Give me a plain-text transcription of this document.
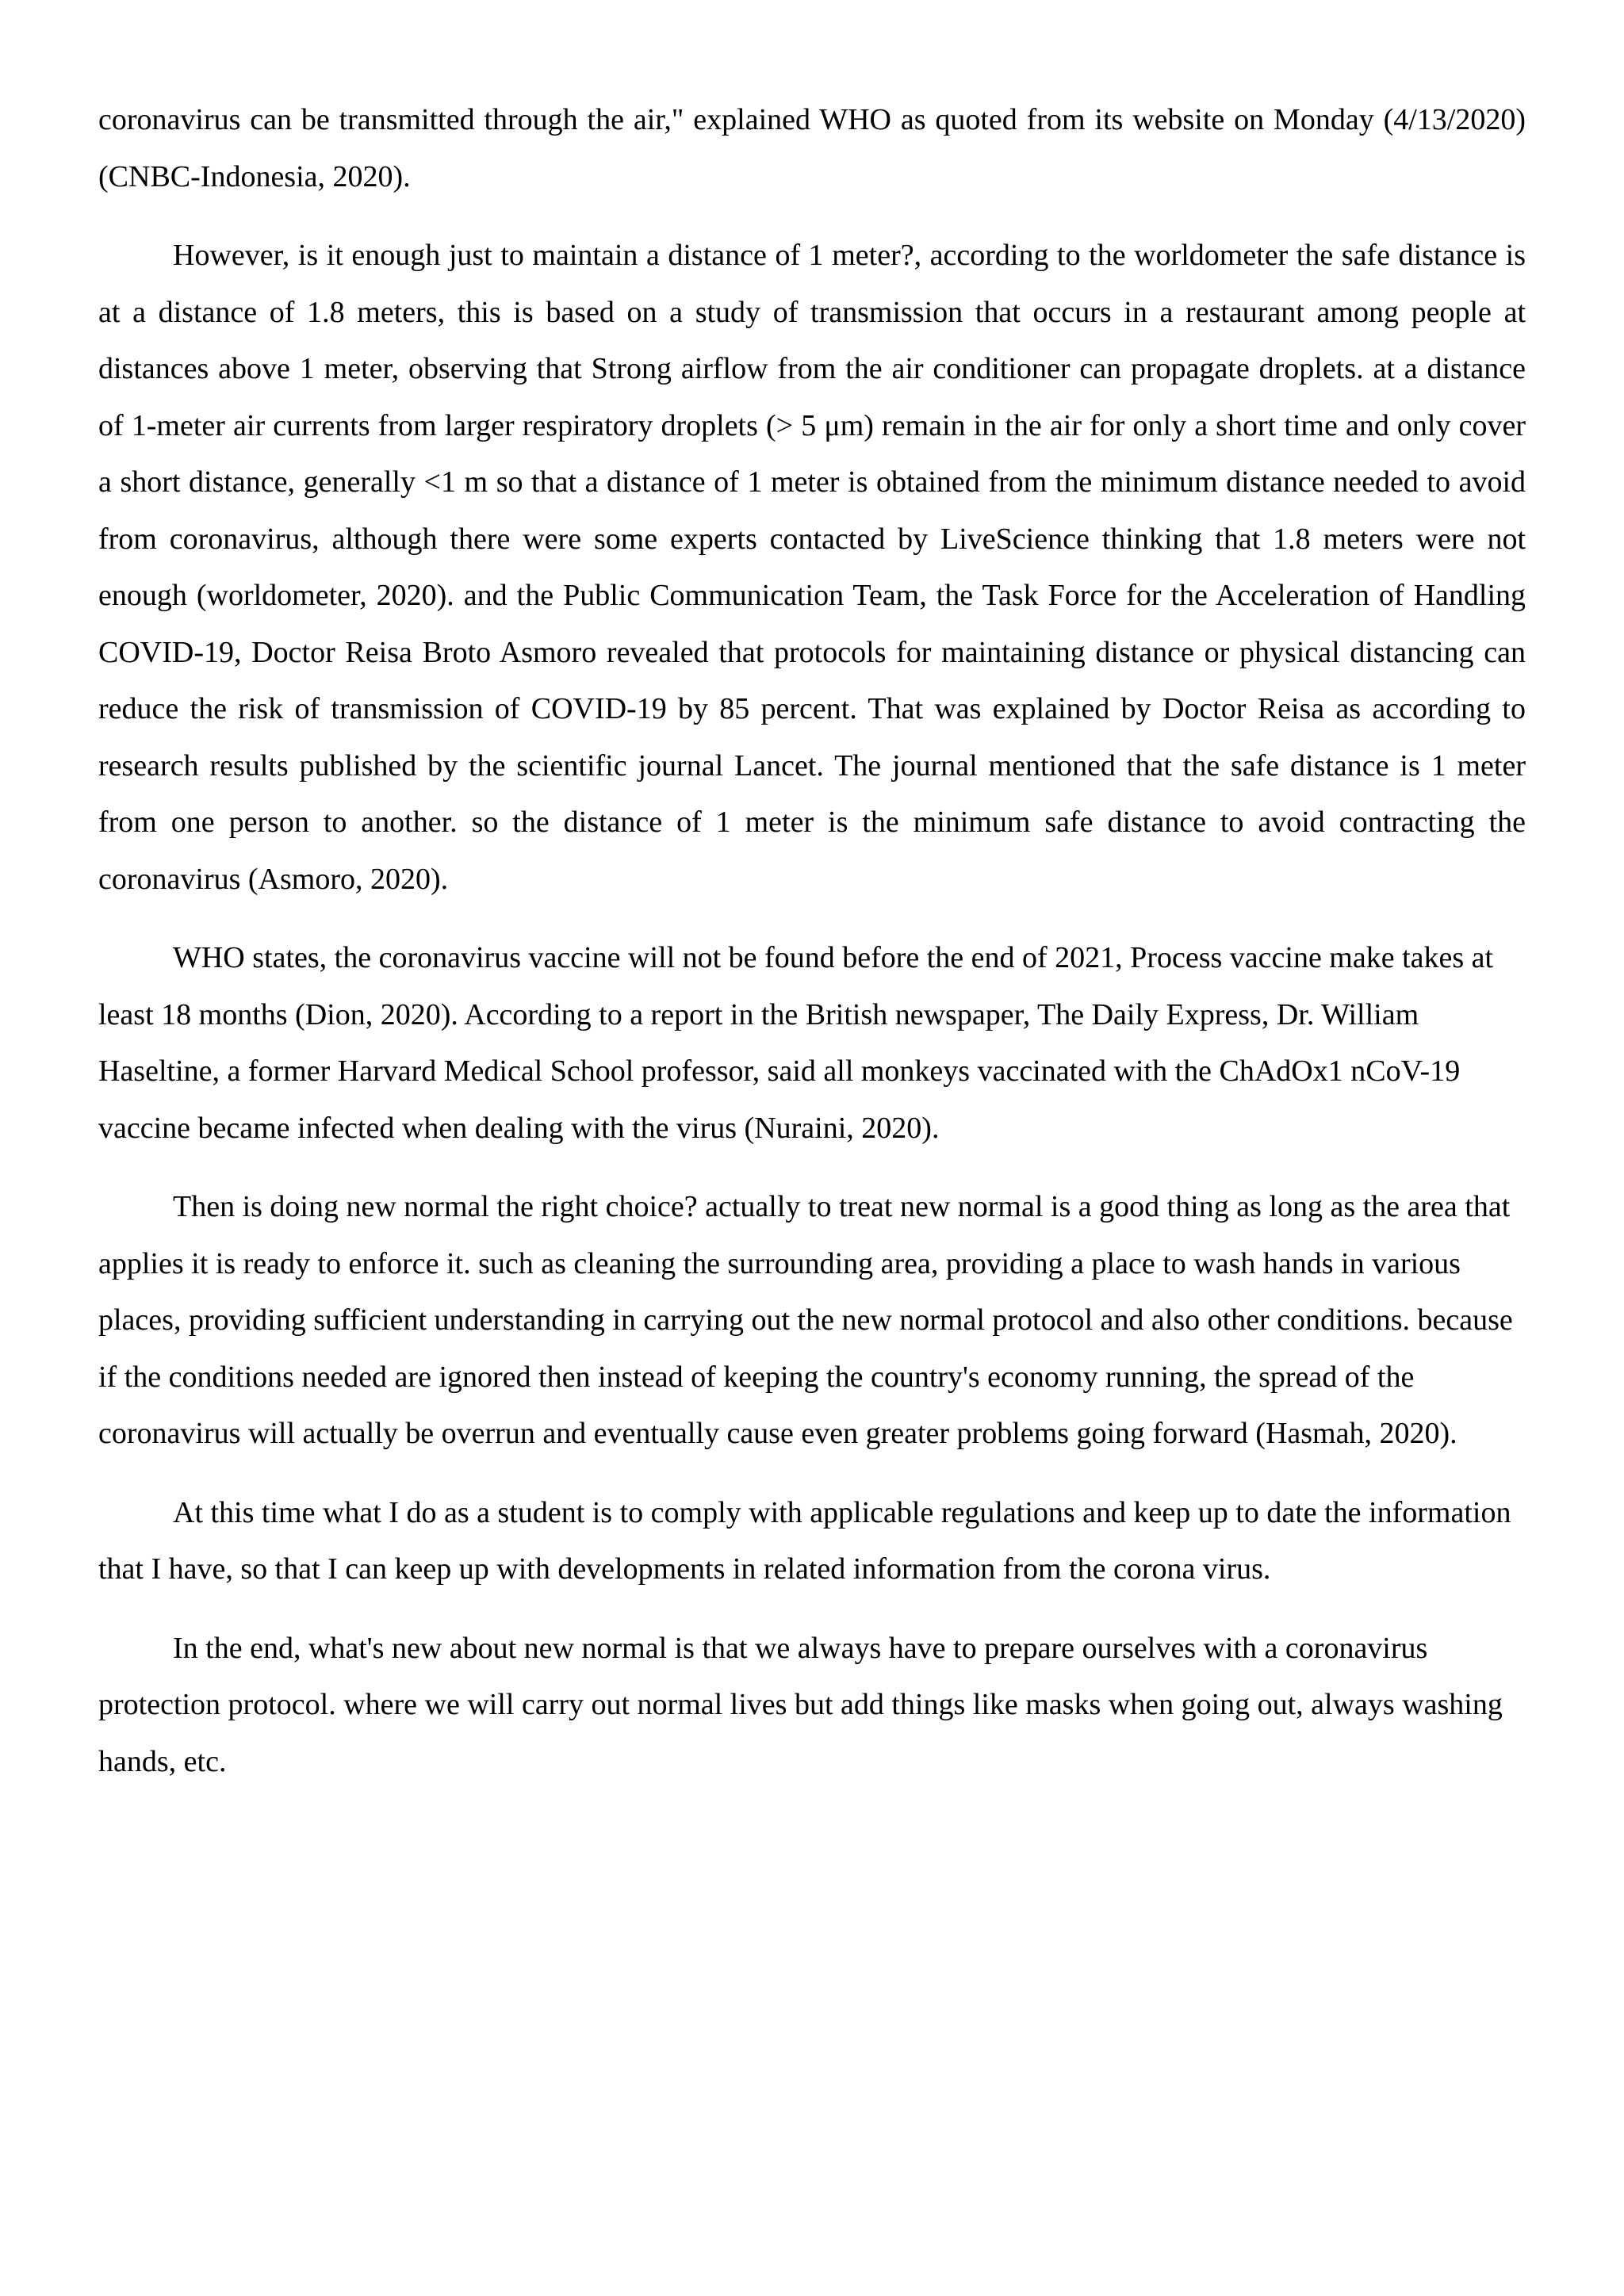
coronavirus can be transmitted through the air," explained WHO as quoted from its website on Monday (4/13/2020) (CNBC-Indonesia, 2020).

However, is it enough just to maintain a distance of 1 meter?, according to the worldometer the safe distance is at a distance of 1.8 meters, this is based on a study of transmission that occurs in a restaurant among people at distances above 1 meter, observing that Strong airflow from the air conditioner can propagate droplets. at a distance of 1-meter air currents from larger respiratory droplets (> 5 μm) remain in the air for only a short time and only cover a short distance, generally <1 m so that a distance of 1 meter is obtained from the minimum distance needed to avoid from coronavirus, although there were some experts contacted by LiveScience thinking that 1.8 meters were not enough (worldometer, 2020). and the Public Communication Team, the Task Force for the Acceleration of Handling COVID-19, Doctor Reisa Broto Asmoro revealed that protocols for maintaining distance or physical distancing can reduce the risk of transmission of COVID-19 by 85 percent. That was explained by Doctor Reisa as according to research results published by the scientific journal Lancet. The journal mentioned that the safe distance is 1 meter from one person to another. so the distance of 1 meter is the minimum safe distance to avoid contracting the coronavirus (Asmoro, 2020).

WHO states, the coronavirus vaccine will not be found before the end of 2021, Process vaccine make takes at least 18 months (Dion, 2020). According to a report in the British newspaper, The Daily Express, Dr. William Haseltine, a former Harvard Medical School professor, said all monkeys vaccinated with the ChAdOx1 nCoV-19 vaccine became infected when dealing with the virus (Nuraini, 2020).

Then is doing new normal the right choice? actually to treat new normal is a good thing as long as the area that applies it is ready to enforce it. such as cleaning the surrounding area, providing a place to wash hands in various places, providing sufficient understanding in carrying out the new normal protocol and also other conditions. because if the conditions needed are ignored then instead of keeping the country's economy running, the spread of the coronavirus will actually be overrun and eventually cause even greater problems going forward (Hasmah, 2020).

At this time what I do as a student is to comply with applicable regulations and keep up to date the information that I have, so that I can keep up with developments in related information from the corona virus.

In the end, what's new about new normal is that we always have to prepare ourselves with a coronavirus protection protocol. where we will carry out normal lives but add things like masks when going out, always washing hands, etc.
